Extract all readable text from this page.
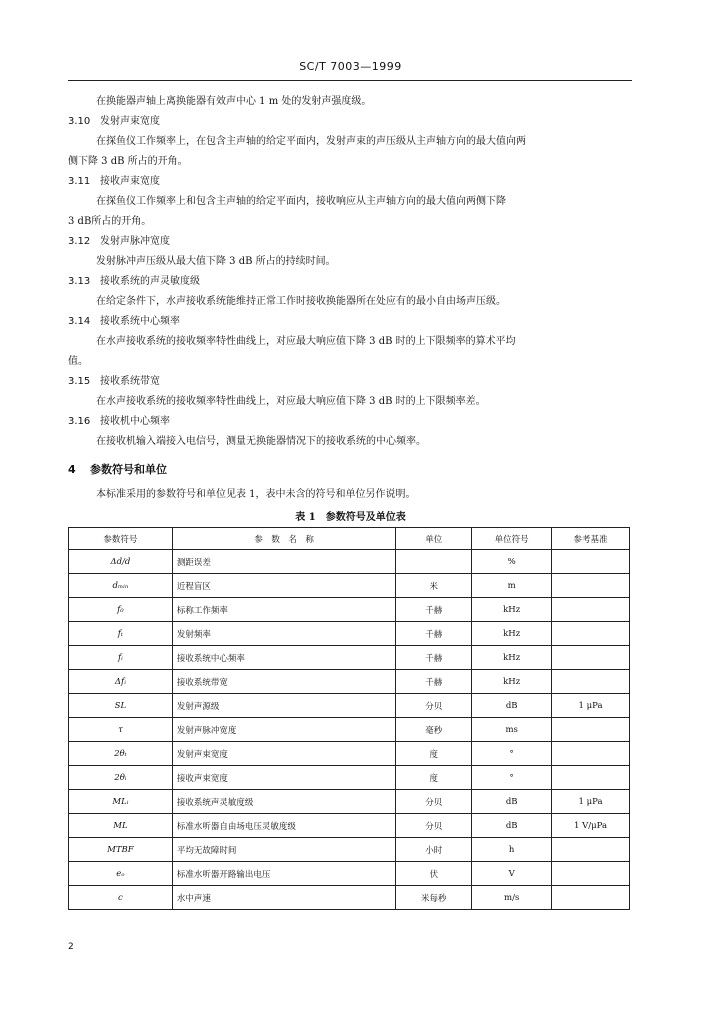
SC/T 7003—1999
在换能器声轴上离换能器有效声中心 1 m 处的发射声强度级。
3.10 发射声束宽度
在探鱼仪工作频率上，在包含主声轴的给定平面内，发射声束的声压级从主声轴方向的最大值向两
侧下降 3 dB 所占的开角。
3.11 接收声束宽度
在探鱼仪工作频率上和包含主声轴的给定平面内，接收响应从主声轴方向的最大值向两侧下降
3 dB所占的开角。
3.12 发射声脉冲宽度
发射脉冲声压级从最大值下降 3 dB 所占的持续时间。
3.13 接收系统的声灵敏度级
在给定条件下，水声接收系统能维持正常工作时接收换能器所在处应有的最小自由场声压级。
3.14 接收系统中心频率
在水声接收系统的接收频率特性曲线上，对应最大响应值下降 3 dB 时的上下限频率的算术平均
值。
3.15 接收系统带宽
在水声接收系统的接收频率特性曲线上，对应最大响应值下降 3 dB 时的上下限频率差。
3.16 接收机中心频率
在接收机输入端接入电信号，测量无换能器情况下的接收系统的中心频率。
4 参数符号和单位
本标准采用的参数符号和单位见表 1，表中未含的符号和单位另作说明。
表 1　参数符号及单位表
参数符号	参　数　名　称	单位	单位符号	参考基准
Δd/d	测距误差		%	
dₘᵢₙ	近程盲区	米	m	
f₀	标称工作频率	千赫	kHz	
fₜ	发射频率	千赫	kHz	
fᵢ	接收系统中心频率	千赫	kHz	
Δfᵢ	接收系统带宽	千赫	kHz	
SL	发射声源级	分贝	dB	1 μPa
τ	发射声脉冲宽度	毫秒	ms	
2θₜ	发射声束宽度	度	°	
2θᵢ	接收声束宽度	度	°	
MLᵢ	接收系统声灵敏度级	分贝	dB	1 μPa
ML	标准水听器自由场电压灵敏度级	分贝	dB	1 V/μPa
MTBF	平均无故障时间	小时	h	
eₒ	标准水听器开路输出电压	伏	V	
c	水中声速	米每秒	m/s	
2
